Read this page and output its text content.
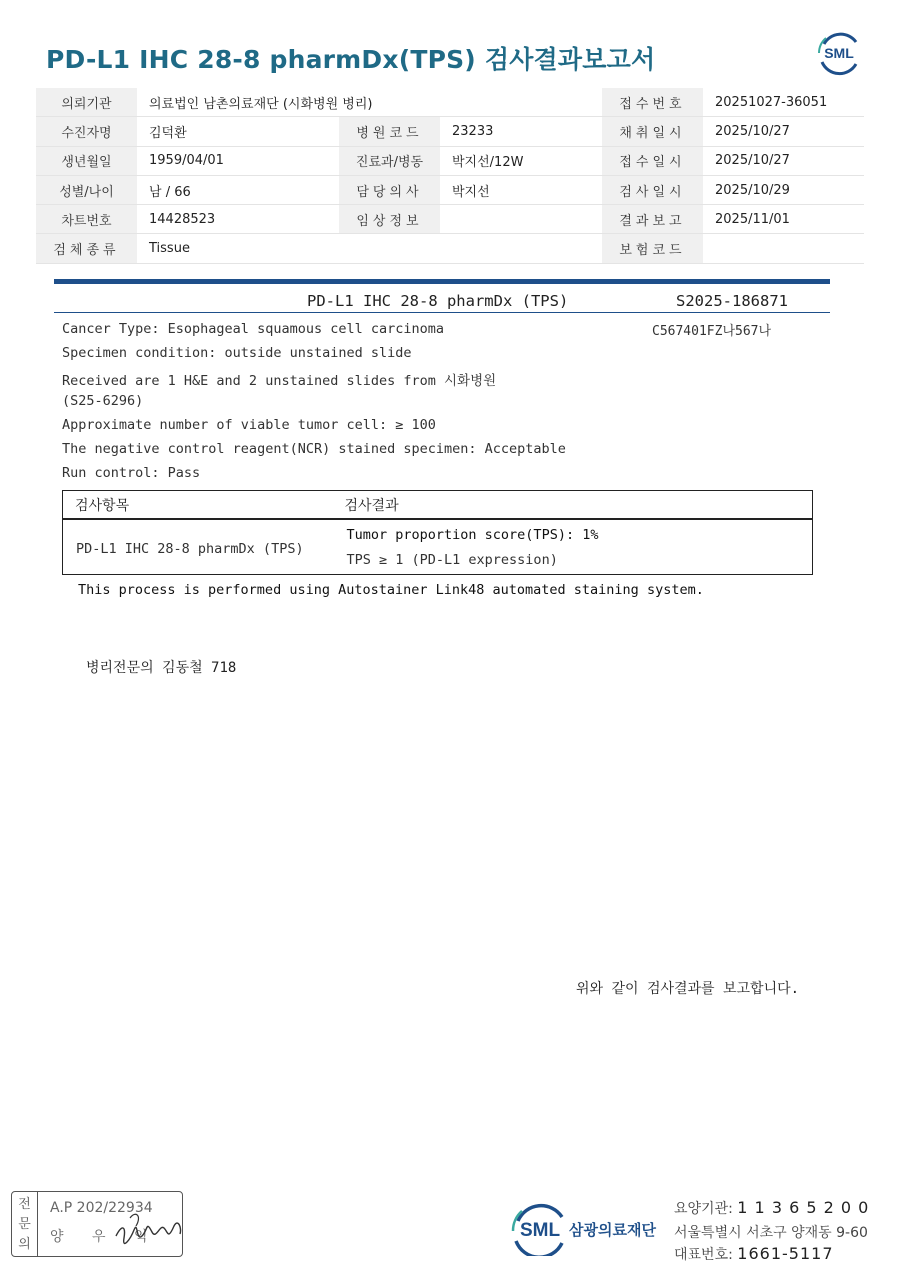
PD-L1 IHC 28-8 pharmDx(TPS) 검사결과보고서	SML
의뢰기관	의료법인 남촌의료재단 (시화병원 병리)			접수번호	20251027-36051
수진자명	김덕환	병원코드	23233	채취일시	2025/10/27
생년월일	1959/04/01	진료과/병동	박지선/12W	접수일시	2025/10/27
성별/나이	남 / 66	담당의사	박지선	검사일시	2025/10/29
차트번호	14428523	임상정보		결과보고	2025/11/01
검체종류	Tissue			보험코드	
PD-L1 IHC 28-8 pharmDx (TPS)	S2025-186871
C567401FZ나567나
Cancer Type: Esophageal squamous cell carcinoma
Specimen condition: outside unstained slide
Received are 1 H&E and 2 unstained slides from 시화병원
(S25-6296)
Approximate number of viable tumor cell: ≥ 100
The negative control reagent(NCR) stained specimen: Acceptable
Run control: Pass
검사항목	검사결과
PD-L1 IHC 28-8 pharmDx (TPS)	Tumor proportion score(TPS): 1%
TPS ≥ 1 (PD-L1 expression)
This process is performed using Autostainer Link48 automated staining system.
병리전문의 김동철 718
위와 같이 검사결과를 보고합니다.
전문의
A.P 202/22934
양 우 익	SML 삼광의료재단
요양기관: 1 1 3 6 5 2 0 0
서울특별시 서초구 양재동 9-60
대표번호: 1661-5117
